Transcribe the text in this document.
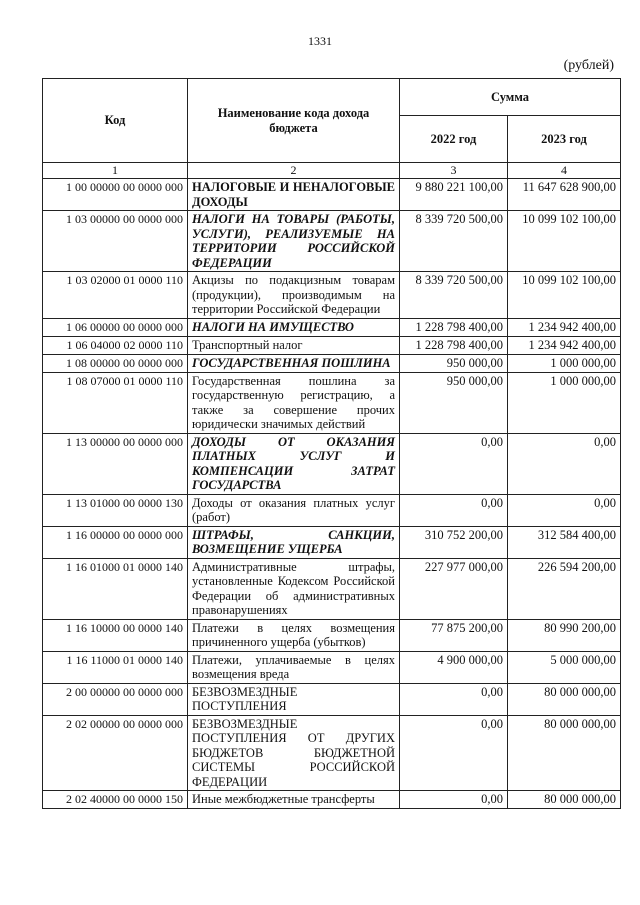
1331
(рублей)
Код	Наименование кода дохода бюджета	Сумма	
		2022 год	2023 год
1	2	3	4
1 00 00000 00 0000 000	НАЛОГОВЫЕ И НЕНАЛОГОВЫЕ ДОХОДЫ	9 880 221 100,00	11 647 628 900,00
1 03 00000 00 0000 000	НАЛОГИ НА ТОВАРЫ (РАБОТЫ, УСЛУГИ), РЕАЛИЗУЕМЫЕ НА ТЕРРИТОРИИ РОССИЙСКОЙ ФЕДЕРАЦИИ	8 339 720 500,00	10 099 102 100,00
1 03 02000 01 0000 110	Акцизы по подакцизным товарам (продукции), производимым на территории Российской Федерации	8 339 720 500,00	10 099 102 100,00
1 06 00000 00 0000 000	НАЛОГИ НА ИМУЩЕСТВО	1 228 798 400,00	1 234 942 400,00
1 06 04000 02 0000 110	Транспортный налог	1 228 798 400,00	1 234 942 400,00
1 08 00000 00 0000 000	ГОСУДАРСТВЕННАЯ ПОШЛИНА	950 000,00	1 000 000,00
1 08 07000 01 0000 110	Государственная пошлина за государственную регистрацию, а также за совершение прочих юридически значимых действий	950 000,00	1 000 000,00
1 13 00000 00 0000 000	ДОХОДЫ ОТ ОКАЗАНИЯ ПЛАТНЫХ УСЛУГ И КОМПЕНСАЦИИ ЗАТРАТ ГОСУДАРСТВА	0,00	0,00
1 13 01000 00 0000 130	Доходы от оказания платных услуг (работ)	0,00	0,00
1 16 00000 00 0000 000	ШТРАФЫ, САНКЦИИ, ВОЗМЕЩЕНИЕ УЩЕРБА	310 752 200,00	312 584 400,00
1 16 01000 01 0000 140	Административные штрафы, установленные Кодексом Российской Федерации об административных правонарушениях	227 977 000,00	226 594 200,00
1 16 10000 00 0000 140	Платежи в целях возмещения причиненного ущерба (убытков)	77 875 200,00	80 990 200,00
1 16 11000 01 0000 140	Платежи, уплачиваемые в целях возмещения вреда	4 900 000,00	5 000 000,00
2 00 00000 00 0000 000	БЕЗВОЗМЕЗДНЫЕ ПОСТУПЛЕНИЯ	0,00	80 000 000,00
2 02 00000 00 0000 000	БЕЗВОЗМЕЗДНЫЕ ПОСТУПЛЕНИЯ ОТ ДРУГИХ БЮДЖЕТОВ БЮДЖЕТНОЙ СИСТЕМЫ РОССИЙСКОЙ ФЕДЕРАЦИИ	0,00	80 000 000,00
2 02 40000 00 0000 150	Иные межбюджетные трансферты	0,00	80 000 000,00
